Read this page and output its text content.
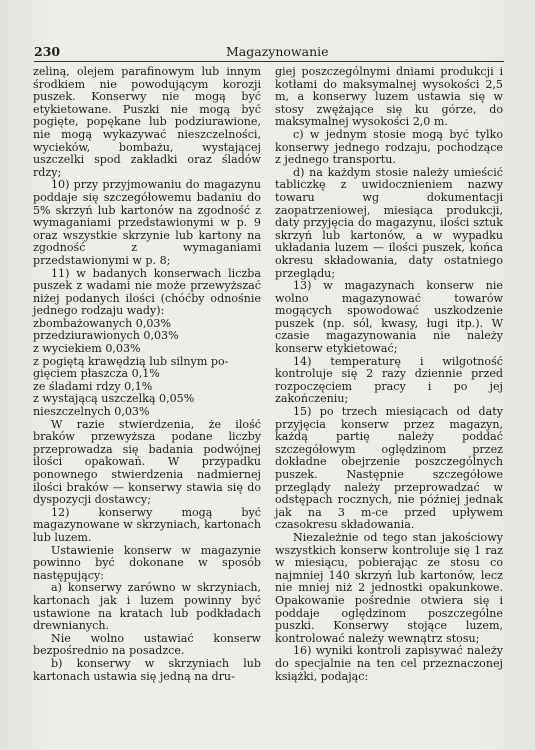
230	Magazynowanie

zeliną, olejem parafinowym lub innym środkiem nie powodującym korozji puszek. Konserwy nie mogą być etykietowane. Puszki nie mogą być pogięte, popękane lub podziurawione, nie mogą wykazywać nieszczelności, wycieków, bombażu, wystającej uszczelki spod zakładki oraz śladów rdzy;

10) przy przyjmowaniu do magazynu poddaje się szczegółowemu badaniu do 5% skrzyń lub kartonów na zgodność z wymaganiami przedstawionymi w p. 9 oraz wszystkie skrzynie lub kartony na zgodność z wymaganiami przedstawionymi w p. 8;

11) w badanych konserwach liczba puszek z wadami nie może przewyższać niżej podanych ilości (chóćby odnośnie jednego rodzaju wady):

zbombażowanych 0,03%

przedziurawionych 0,03%

z wyciekiem 0,03%

z pogiętą krawędzią lub silnym po-

gięciem płaszcza 0,1%

ze śladami rdzy 0,1%

z wystającą uszczelką 0,05%

nieszczelnych 0,03%

W razie stwierdzenia, że ilość braków przewyższa podane liczby przeprowadza się badania podwójnej ilości opakowań. W przypadku ponownego stwierdzenia nadmiernej ilości braków — konserwy stawia się do dyspozycji dostawcy;

12) konserwy mogą być magazynowane w skrzyniach, kartonach lub luzem.

Ustawienie konserw w magazynie powinno być dokonane w sposób następujący:

a) konserwy zarówno w skrzyniach, kartonach jak i luzem powinny być ustawione na kratach lub podkładach drewnianych.

Nie wolno ustawiać konserw bezpośrednio na posadzce.

b) konserwy w skrzyniach lub kartonach ustawia się jedną na dru-

giej poszczególnymi dniami produkcji i kotłami do maksymalnej wysokości 2,5 m, a konserwy luzem ustawia się w stosy zwężające się ku górze, do maksymalnej wysokości 2,0 m.

c) w jednym stosie mogą być tylko konserwy jednego rodzaju, pochodzące z jednego transportu.

d) na każdym stosie należy umieścić tabliczkę z uwidocznieniem nazwy towaru wg dokumentacji zaopatrzeniowej, miesiąca produkcji, daty przyjęcia do magazynu, ilości sztuk skrzyń lub kartonów, a w wypadku układania luzem — ilości puszek, końca okresu składowania, daty ostatniego przeglądu;

13) w magazynach konserw nie wolno magazynować towarów mogących spowodować uszkodzenie puszek (np. sól, kwasy, ługi itp.). W czasie magazynowania nie należy konserw etykietować;

14) temperaturę i wilgotność kontroluje się 2 razy dziennie przed rozpoczęciem pracy i po jej zakończeniu;

15) po trzech miesiącach od daty przyjęcia konserw przez magazyn, każdą partię należy poddać szczegółowym oględzinom przez dokładne obejrzenie poszczególnych puszek. Następnie szczegółowe przeglądy należy przeprowadzać w odstępach rocznych, nie później jednak jak na 3 m-ce przed upływem czasokresu składowania.

Niezależnie od tego stan jakościowy wszystkich konserw kontroluje się 1 raz w miesiącu, pobierając ze stosu co najmniej 140 skrzyń lub kartonów, lecz nie mniej niż 2 jednostki opakunkowe. Opakowanie pośrednie otwiera się i poddaje oględzinom poszczególne puszki. Konserwy stojące luzem, kontrolować należy wewnątrz stosu;

16) wyniki kontroli zapisywać należy do specjalnie na ten cel przeznaczonej książki, podając:
